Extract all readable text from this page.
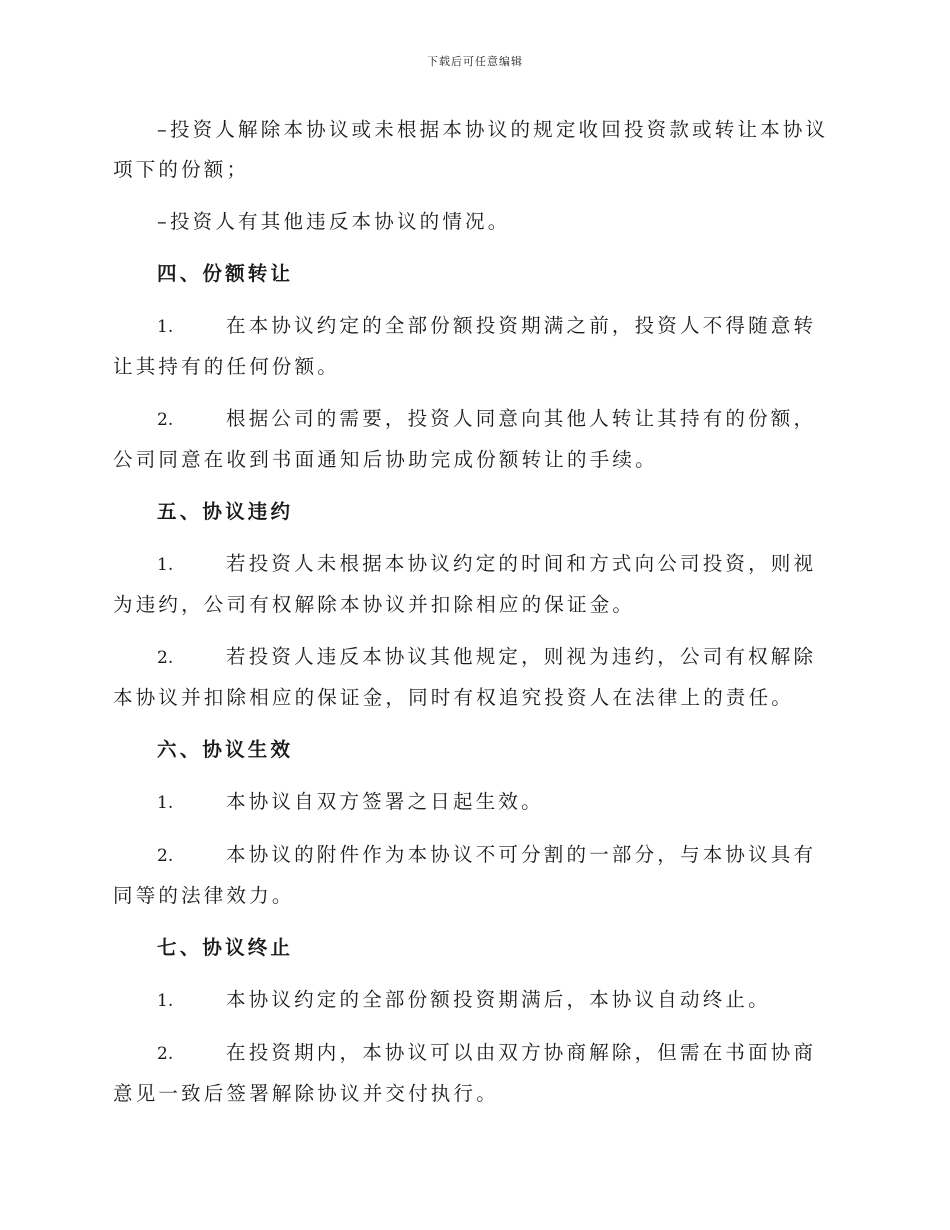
下载后可任意编辑

–投资人解除本协议或未根据本协议的规定收回投资款或转让本协议项下的份额；

–投资人有其他违反本协议的情况。

四、份额转让

1.	在本协议约定的全部份额投资期满之前，投资人不得随意转让其持有的任何份额。

2.	根据公司的需要，投资人同意向其他人转让其持有的份额，公司同意在收到书面通知后协助完成份额转让的手续。

五、协议违约

1.	若投资人未根据本协议约定的时间和方式向公司投资，则视为违约，公司有权解除本协议并扣除相应的保证金。

2.	若投资人违反本协议其他规定，则视为违约，公司有权解除本协议并扣除相应的保证金，同时有权追究投资人在法律上的责任。

六、协议生效

1.	本协议自双方签署之日起生效。

2.	本协议的附件作为本协议不可分割的一部分，与本协议具有同等的法律效力。

七、协议终止

1.	本协议约定的全部份额投资期满后，本协议自动终止。

2.	在投资期内，本协议可以由双方协商解除，但需在书面协商意见一致后签署解除协议并交付执行。
